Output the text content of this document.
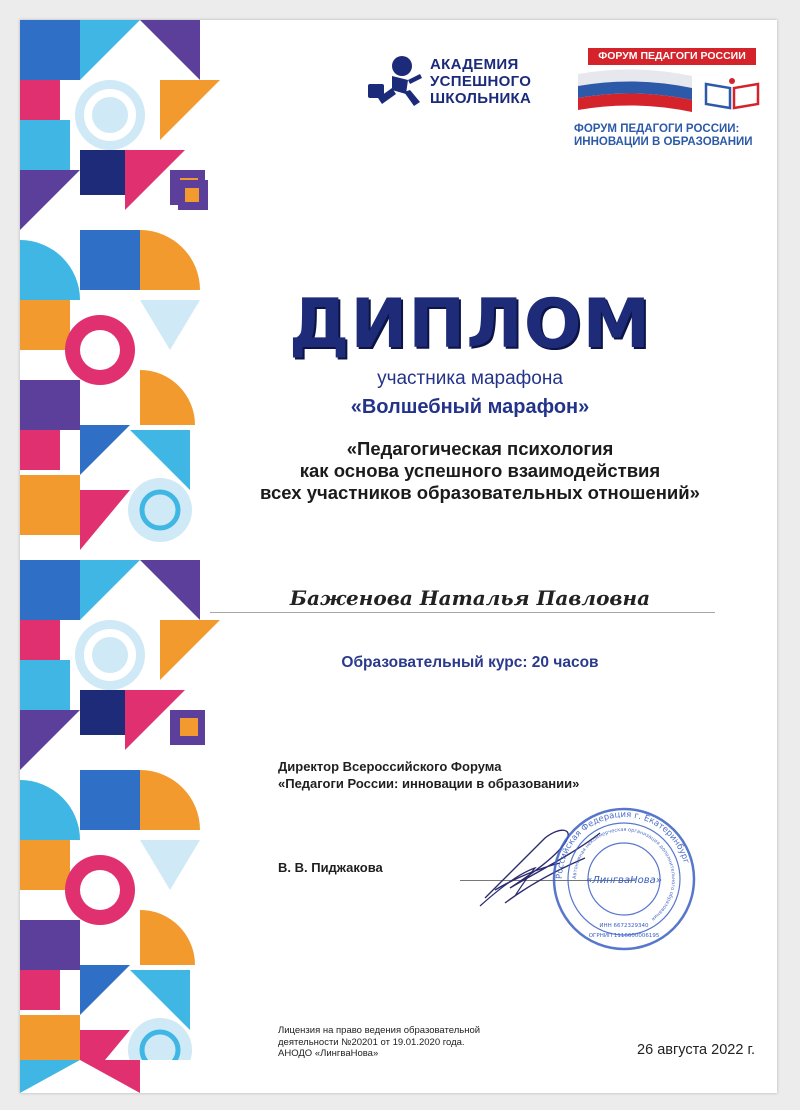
АКАДЕМИЯ
УСПЕШНОГО
ШКОЛЬНИКА
ФОРУМ ПЕДАГОГИ РОССИИ
ФОРУМ ПЕДАГОГИ РОССИИ:
ИННОВАЦИИ В ОБРАЗОВАНИИ
ДИПЛОМ
участника марафона
«Волшебный марафон»
«Педагогическая психология
как основа успешного взаимодействия
всех участников образовательных отношений»
Баженова Наталья Павловна
Образовательный курс: 20 часов
Директор Всероссийского Форума
«Педагоги России: инновации в образовании»
В. В. Пиджакова
Российская Федерация г. Екатеринбург
Автономная некоммерческая организация дополнительного образования
«ЛингваНова»
ИНН 6672329340
ОГРНИП 1116600006195
Лицензия на право ведения образовательной
деятельности №20201 от 19.01.2020 года.
АНОДО «ЛингваНова»	26 августа 2022 г.
